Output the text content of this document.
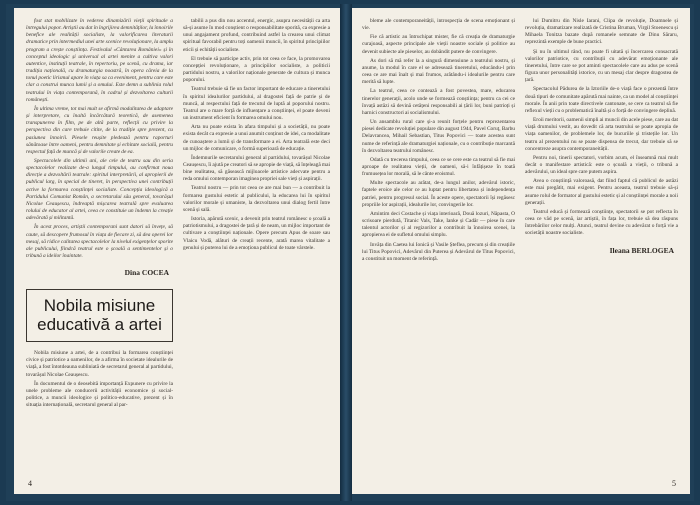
fost stat mobilizate în vederea dinamizării vieții spirituale a întregului popor. Artiștii au dat în îngrijirea demnităților, la înnoirile benefice ale realității socialiste, la valorificarea literaturii dramatice prin intermediul unei arte scenice revoluționare, la amplu program a crește conștiința. Festivalul «Cântarea României» și în conceptul ideologic și universal al artei menite a cultiva valori autentice, instituții teatrale, în repertoriu, pe scenă, cu drama, iar tradiția națională, cu dramaturgia noastră, în opera căreia de la tonul poetic lirismul apare în viața sa ca eveniment, pentru care este clar a construi munca lumii și a omului. Este demn a sublinia rolul teatrului în viața contemporană, în cadrul și dezvoltarea culturii românești.

În ultima vreme, tot mai mult se afirmă modalitatea de adaptare și interpretare, cu înaltă încărcătură teoretică, de asemenea transpunerea în film, pe de altă parte, reflecții cu privire la perspectiva din care trebuie citite, de la tradiție spre prezent, cu pasiunea înnoirii. Piesele reușite pledează pentru raporturi sănătoase între oameni, pentru demnitate și echitate socială, pentru respectul față de muncă și de valorile create de ea.

Spectacolele din ultimii ani, ale cele de teatru sau din seria spectacolelor realizate de-a lungul timpului, au confirmat noua direcție a dezvoltării teatrale: spiritul interpretării, al apropierii de publicul larg, în special de tineret, în perspectiva unei contribuții active la formarea conștiinței socialiste. Concepția ideologică a Partidului Comunist Român, a secretarului său general, tovarășul Nicolae Ceaușescu, îndreaptă mișcarea teatrală spre evaluarea rolului de educator al artei, ceea ce constituie un îndemn la creație adevărată și militantă.

În acest proces, artiștii contemporani sunt datori să învețe, să caute, să descopere frumosul în viața de fiecare zi, să dea operei lor mesaj, să ridice calitatea spectacolelor la nivelul exigențelor sporite ale publicului, fiindcă teatrul este o școală a sentimentelor și o tribună a ideilor înaintate.

Dina COCEA
Nobila misiune
educativă a artei

Nobila misiune a artei, de a contribui la formarea conștiinței civice și patriotice a oamenilor, de a afirma în societate idealurile de viață, a fost întotdeauna subliniată de secretarul general al partidului, tovarășul Nicolae Ceaușescu.

În documentul de o deosebită importanță Expunere cu privire la unele probleme ale conducerii activității economice și social-politice, a muncii ideologice și politico-educative, prezent și în situația internațională, secretarul general al par-

tabilii a pus din nou accentul, energic, asupra necesității ca arta să-și asume în mod conștient o responsabilitate sporită, ca expresie a unui angajament profund, contribuind astfel la crearea unui climat spiritual favorabil pentru toți oamenii muncii, în spiritul principiilor eticii și echității socialiste.

El trebuie să participe activ, prin tot ceea ce face, la promovarea concepției revoluționare, a principiilor socialiste, a politicii partidului nostru, a valorilor naționale generate de cultura și munca poporului.

Teatrul trebuie să fie un factor important de educare a tineretului în spiritul idealurilor partidului, al dragostei față de patrie și de muncă, al respectului față de trecutul de luptă al poporului nostru. Teatrul are o mare forță de influențare a conștiinței, el poate deveni un instrument eficient în formarea omului nou.

Arta nu poate exista în afara timpului și a societății, nu poate exista decât ca expresie a unui anumit conținut de idei, ca modalitate de cunoaștere a lumii și de transformare a ei. Arta teatrală este deci un mijloc de comunicare, o formă superioară de educație.

Îndemnurile secretarului general al partidului, tovarășul Nicolae Ceaușescu, îi ajută pe creatori să se apropie de viață, să înțeleagă mai bine realitatea, să găsească mijloacele artistice adecvate pentru a reda omului contemporan imaginea propriei sale vieți și aspirații.

Teatrul nostru — prin tot ceea ce are mai bun — a contribuit la formarea gustului estetic al publicului, la educarea lui în spiritul valorilor morale și umaniste, la dezvoltarea unui dialog fertil între scenă și sală.

Istoria, apărută scenic, a devenit prin teatrul românesc o școală a patriotismului, a dragostei de țară și de neam, un mijloc important de cultivare a conștiinței naționale. Opere precum Apus de soare sau Vlaicu Vodă, alături de creații recente, arată marea vitalitate a genului și puterea lui de a emoționa publicul de toate vârstele.

4

bleme ale contemporaneității, introspecția de scena emoționant și vie.

Fie că artistic au întruchipat mister, fie că creația de dramaturgie curajoasă, aspecte principale ale vieții noastre sociale și politice au devenit subiecte ale pieselor, au dobândit putere de convingere.

As dori să mă refer la a singură dimensiune a teatrului nostru, și anume, la modul în care el se adresează tineretului, educându-l prin ceea ce are mai înalt și mai frumos, arătându-i idealurile pentru care merită să lupte.

La teatrul, ceea ce contează a fost povestea, mare, educarea tinerelor generații, acolo unde se formează conștiința; pentru ca cei ce învață astăzi să devină cetățeni responsabili ai țării lor, buni patrioți și harnici constructori ai socialismului.

Un ansamblu rural care și-a reunit forțele pentru reprezentarea piesei dedicate revoluției populare din august 1944, Pavel Coruț, Barbu Delavrancea, Mihail Sebastian, Titus Popovici — toate acestea sunt nume de referință ale dramaturgiei naționale, cu o contribuție marcantă în dezvoltarea teatrului românesc.

Odată cu trecerea timpului, ceea ce se cere este ca teatrul să fie mai aproape de realitatea vieții, de oameni, să-i înfățișeze în toată frumusețea lor morală, să le cânte eroismul.

Multe spectacole au arătat, de-a lungul anilor, adevărul istoric, faptele eroice ale celor ce au luptat pentru libertatea și independența patriei, pentru progresul social. În aceste opere, spectatorii își regăsesc propriile lor aspirații, idealurile lor, convingerile lor.

Amintim deci Costache și viața interioară, Două lozuri, Năpasta, O scrisoare pierdută, Titanic Vals, Take, Ianke și Cadâr — piese în care talentul actorilor și al regizorilor a contribuit la înnoirea scenei, la apropierea ei de sufletul omului simplu.

Invăța din Caetea lui Ionică și Vasile Șteflea, precum și din creațiile lui Titus Popovici, Adevărul din Puterea și Adevărul de Titus Popovici, a constituit un moment de referință.

lui Dumitru din Nisle Iarani, Clipa de revoluție, Doamnele și revoluția, dramatizare realizată de Cristina Bruman, Virgil Stoenescu și Mihaela Tonitza bazate după romanele semnate de Dinu Săraru, reprezintă exemple de bune practici.

Și nu în ultimul rând, nu poate fi uitată și încercarea consacrată valorilor patriotice, cu contribuții cu adevărat emoționante ale tineretului, între care se pot aminti spectacolele care au adus pe scenă figura unor personalități istorice, cu un mesaj clar despre dragostea de țară.

Spectacolul Pădurea de la Iztoriile de-o viață face o prezentă între două tipuri de comunitate apărută mai nainte, ca un model al conștiinței morale. În anii prin toate directivele cantonate, se cere ca teatrul să fie reflexul vieții cu o problematică înaltă și o forță de convingere deplină.

Eroii meritorii, oamenii simpli ai muncii din acele piese, care au dat viață drumului vestit, au dovedit că arta teatrului se poate apropia de viața oamenilor, de problemele lor, de bucuriile și tristețile lor. Un teatru al prezentului nu se poate dispensa de trecut, dar trebuie să se concentreze asupra contemporaneității.

Pentru noi, tinerii spectatori, vorbim acum, el înseamnă mai mult decât o manifestare artistică: este o școală a vieții, o tribună a adevărului, un ideal spre care putem aspira.

Avea o conștiință valoroasă, dat fiind faptul că publicul de astăzi este mai pregătit, mai exigent. Pentru aceasta, teatrul trebuie să-și asume rolul de formator al gustului estetic și al conștiinței morale a noii generații.

Teatrul educă și formează conștiințe, spectatorii se pot reflecta în ceea ce văd pe scenă, iar artiștii, în fața lor, trebuie să dea răspuns întrebărilor celor mulți. Atunci, teatrul devine cu adevărat o forță vie a societății noastre socialiste.

Ileana BERLOGEA
5
